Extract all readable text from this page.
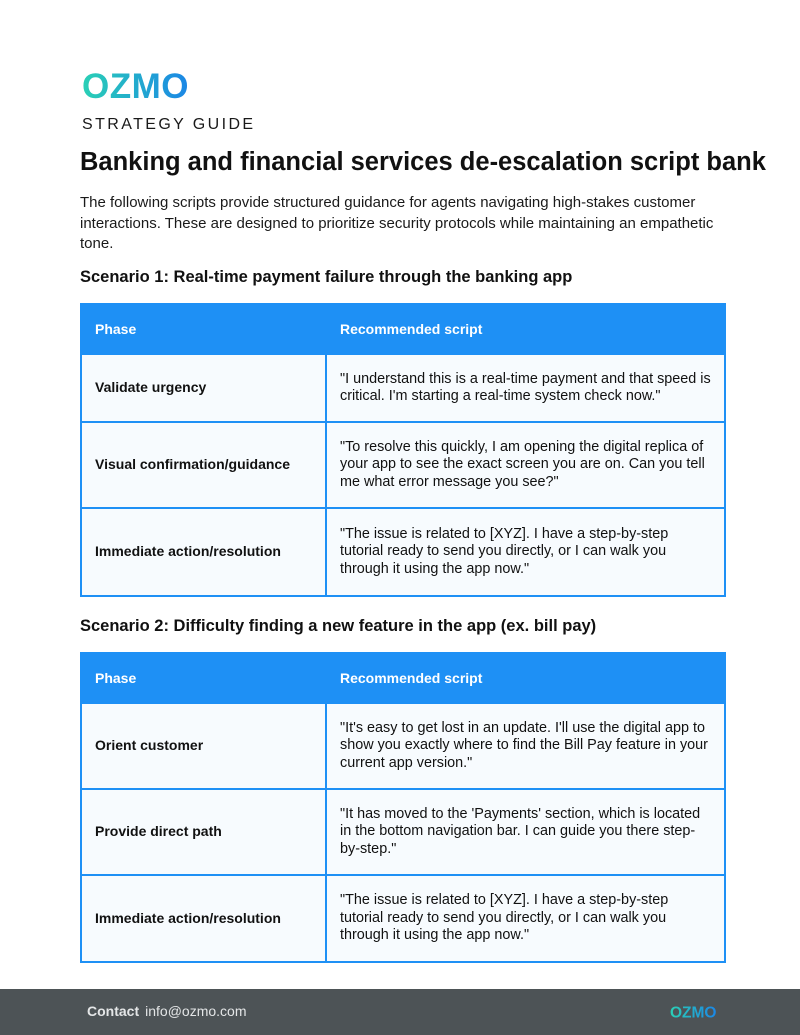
OZMO
STRATEGY GUIDE
Banking and financial services de-escalation script bank

The following scripts provide structured guidance for agents navigating high-stakes customer interactions. These are designed to prioritize security protocols while maintaining an empathetic tone.

Scenario 1: Real-time payment failure through the banking app
Phase	Recommended script
Validate urgency	"I understand this is a real-time payment and that speed is critical. I'm starting a real-time system check now."
Visual confirmation/guidance	"To resolve this quickly, I am opening the digital replica of your app to see the exact screen you are on. Can you tell me what error message you see?"
Immediate action/resolution	"The issue is related to [XYZ]. I have a step-by-step tutorial ready to send you directly, or I can walk you through it using the app now."
Scenario 2: Difficulty finding a new feature in the app (ex. bill pay)
Phase	Recommended script
Orient customer	"It's easy to get lost in an update. I'll use the digital app to show you exactly where to find the Bill Pay feature in your current app version."
Provide direct path	"It has moved to the 'Payments' section, which is located in the bottom navigation bar. I can guide you there step-by-step."
Immediate action/resolution	"The issue is related to [XYZ]. I have a step-by-step tutorial ready to send you directly, or I can walk you through it using the app now."
Contact info@ozmo.com	OZMO
